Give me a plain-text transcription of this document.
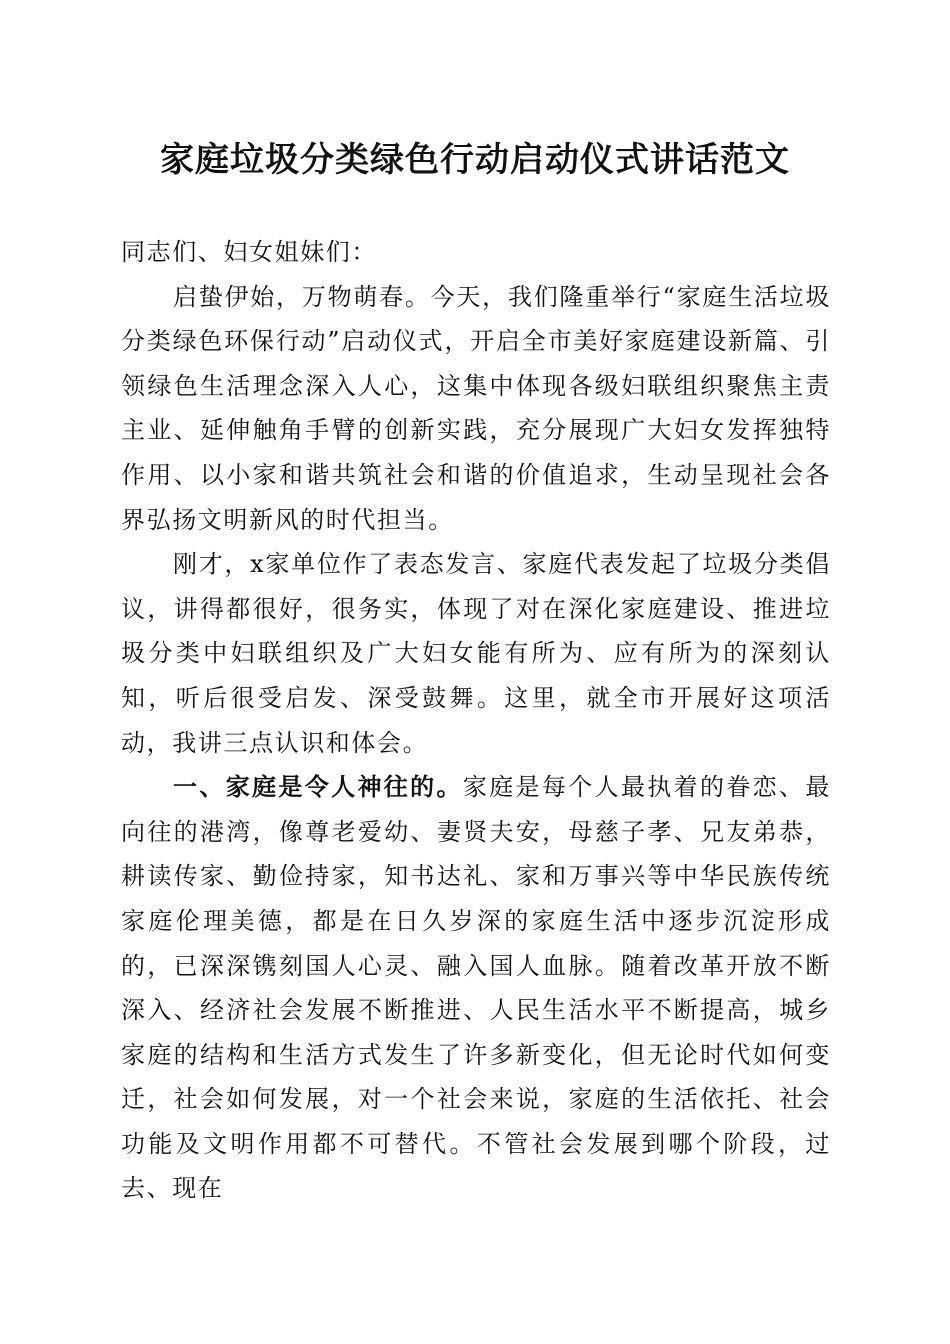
家庭垃圾分类绿色行动启动仪式讲话范文

同志们、妇女姐妹们：

启蛰伊始，万物萌春。今天，我们隆重举行“家庭生活垃圾分类绿色环保行动”启动仪式，开启全市美好家庭建设新篇、引领绿色生活理念深入人心，这集中体现各级妇联组织聚焦主责主业、延伸触角手臂的创新实践，充分展现广大妇女发挥独特作用、以小家和谐共筑社会和谐的价值追求，生动呈现社会各界弘扬文明新风的时代担当。

刚才，x家单位作了表态发言、家庭代表发起了垃圾分类倡议，讲得都很好，很务实，体现了对在深化家庭建设、推进垃圾分类中妇联组织及广大妇女能有所为、应有所为的深刻认知，听后很受启发、深受鼓舞。这里，就全市开展好这项活动，我讲三点认识和体会。

一、家庭是令人神往的。家庭是每个人最执着的眷恋、最向往的港湾，像尊老爱幼、妻贤夫安，母慈子孝、兄友弟恭，耕读传家、勤俭持家，知书达礼、家和万事兴等中华民族传统家庭伦理美德，都是在日久岁深的家庭生活中逐步沉淀形成的，已深深镌刻国人心灵、融入国人血脉。随着改革开放不断深入、经济社会发展不断推进、人民生活水平不断提高，城乡家庭的结构和生活方式发生了许多新变化，但无论时代如何变迁，社会如何发展，对一个社会来说，家庭的生活依托、社会功能及文明作用都不可替代。不管社会发展到哪个阶段，过去、现在
